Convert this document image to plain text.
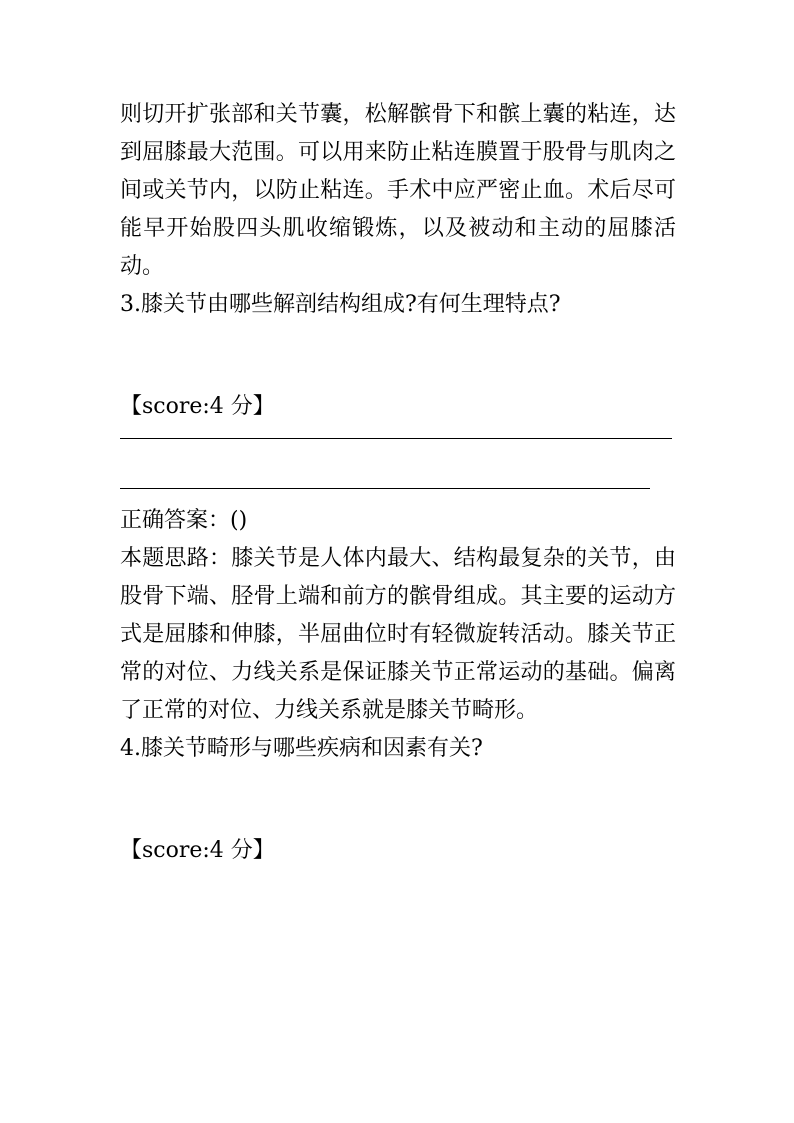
则切开扩张部和关节囊，松解髌骨下和髌上囊的粘连，达到屈膝最大范围。可以用来防止粘连膜置于股骨与肌肉之间或关节内，以防止粘连。手术中应严密止血。术后尽可能早开始股四头肌收缩锻炼，以及被动和主动的屈膝活动。

3.膝关节由哪些解剖结构组成?有何生理特点?

【score:4 分】

正确答案：()

本题思路：膝关节是人体内最大、结构最复杂的关节，由股骨下端、胫骨上端和前方的髌骨组成。其主要的运动方式是屈膝和伸膝，半屈曲位时有轻微旋转活动。膝关节正常的对位、力线关系是保证膝关节正常运动的基础。偏离了正常的对位、力线关系就是膝关节畸形。

4.膝关节畸形与哪些疾病和因素有关?

【score:4 分】
